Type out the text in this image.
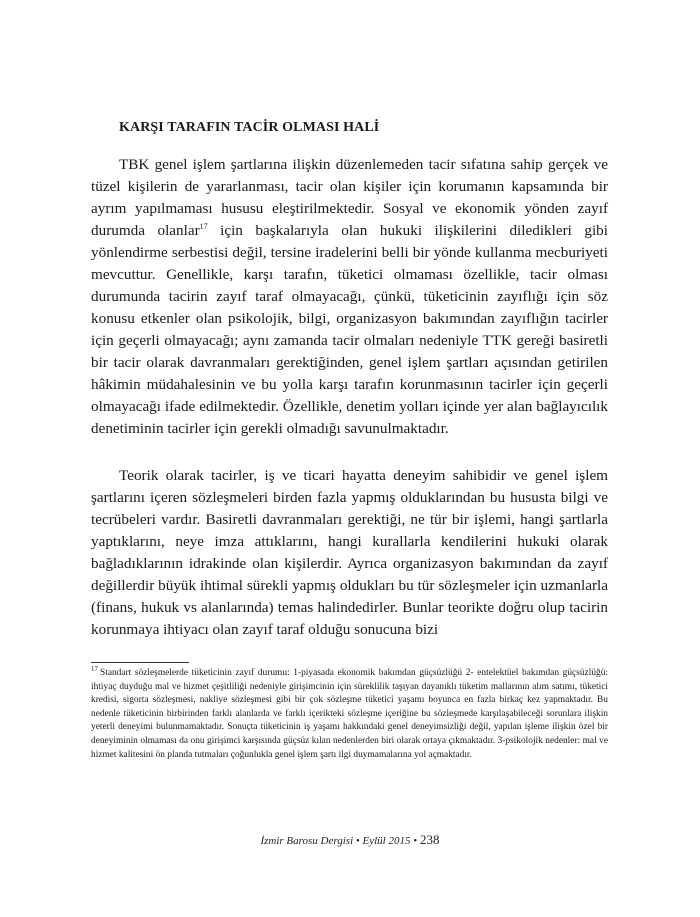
KARŞI TARAFIN TACİR OLMASI HALİ

TBK genel işlem şartlarına ilişkin düzenlemeden tacir sıfatına sahip gerçek ve tüzel kişilerin de yararlanması, tacir olan kişiler için korumanın kapsamında bir ayrım yapılmaması hususu eleştirilmektedir. Sosyal ve ekonomik yönden zayıf durumda olanlar$^{17}$ için başkalarıyla olan hukuki ilişkilerini diledikleri gibi yönlendirme serbestisi değil, tersine iradelerini belli bir yönde kullanma mecburiyeti mevcuttur. Genellikle, karşı tarafın, tüketici olmaması özellikle, tacir olması durumunda tacirin zayıf taraf olmayacağı, çünkü, tüketicinin zayıflığı için söz konusu etkenler olan psikolojik, bilgi, organizasyon bakımından zayıflığın tacirler için geçerli olmayacağı; aynı zamanda tacir olmaları nedeniyle TTK gereği basiretli bir tacir olarak davranmaları gerektiğinden, genel işlem şartları açısından getirilen hâkimin müdahalesinin ve bu yolla karşı tarafın korunmasının tacirler için geçerli olmayacağı ifade edilmektedir. Özellikle, denetim yolları içinde yer alan bağlayıcılık denetiminin tacirler için gerekli olmadığı savunulmaktadır.

Teorik olarak tacirler, iş ve ticari hayatta deneyim sahibidir ve genel işlem şartlarını içeren sözleşmeleri birden fazla yapmış olduklarından bu hususta bilgi ve tecrübeleri vardır. Basiretli davranmaları gerektiği, ne tür bir işlemi, hangi şartlarla yaptıklarını, neye imza attıklarını, hangi kurallarla kendilerini hukuki olarak bağladıklarının idrakinde olan kişilerdir. Ayrıca organizasyon bakımından da zayıf değillerdir büyük ihtimal sürekli yapmış oldukları bu tür sözleşmeler için uzmanlarla (finans, hukuk vs alanlarında) temas halindedirler. Bunlar teorikte doğru olup tacirin korunmaya ihtiyacı olan zayıf taraf olduğu sonucuna bizi

$^{17}$ Standart sözleşmelerde tüketicinin zayıf durumu: 1-piyasada ekonomik bakımdan güçsüzlüğü 2- entelektüel bakımdan güçsüzlüğü: ihtiyaç duyduğu mal ve hizmet çeşitliliği nedeniyle girişimcinin için süreklilik taşıyan dayanıklı tüketim mallarının alım satımı, tüketici kredisi, sigorta sözleşmesi, nakliye sözleşmesi gibi bir çok sözleşme tüketici yaşamı boyunca en fazla birkaç kez yapmaktadır. Bu nedenle tüketicinin birbirinden farklı alanlarda ve farklı içerikteki sözleşme içeriğine bu sözleşmede karşılaşabileceği sorunlara ilişkin yeterli deneyimi bulunmamaktadır. Sonuçta tüketicinin iş yaşamı hakkındaki genel deneyimsizliği değil, yapılan işleme ilişkin özel bir deneyiminin olmaması da onu girişimci karşısında güçsüz kılan nedenlerden biri olarak ortaya çıkmaktadır. 3-psikolojik nedenler: mal ve hizmet kalitesini ön planda tutmaları çoğunlukla genel işlem şartı ilgi duymamalarına yol açmaktadır.

İzmir Barosu Dergisi • Eylül 2015 • 238
